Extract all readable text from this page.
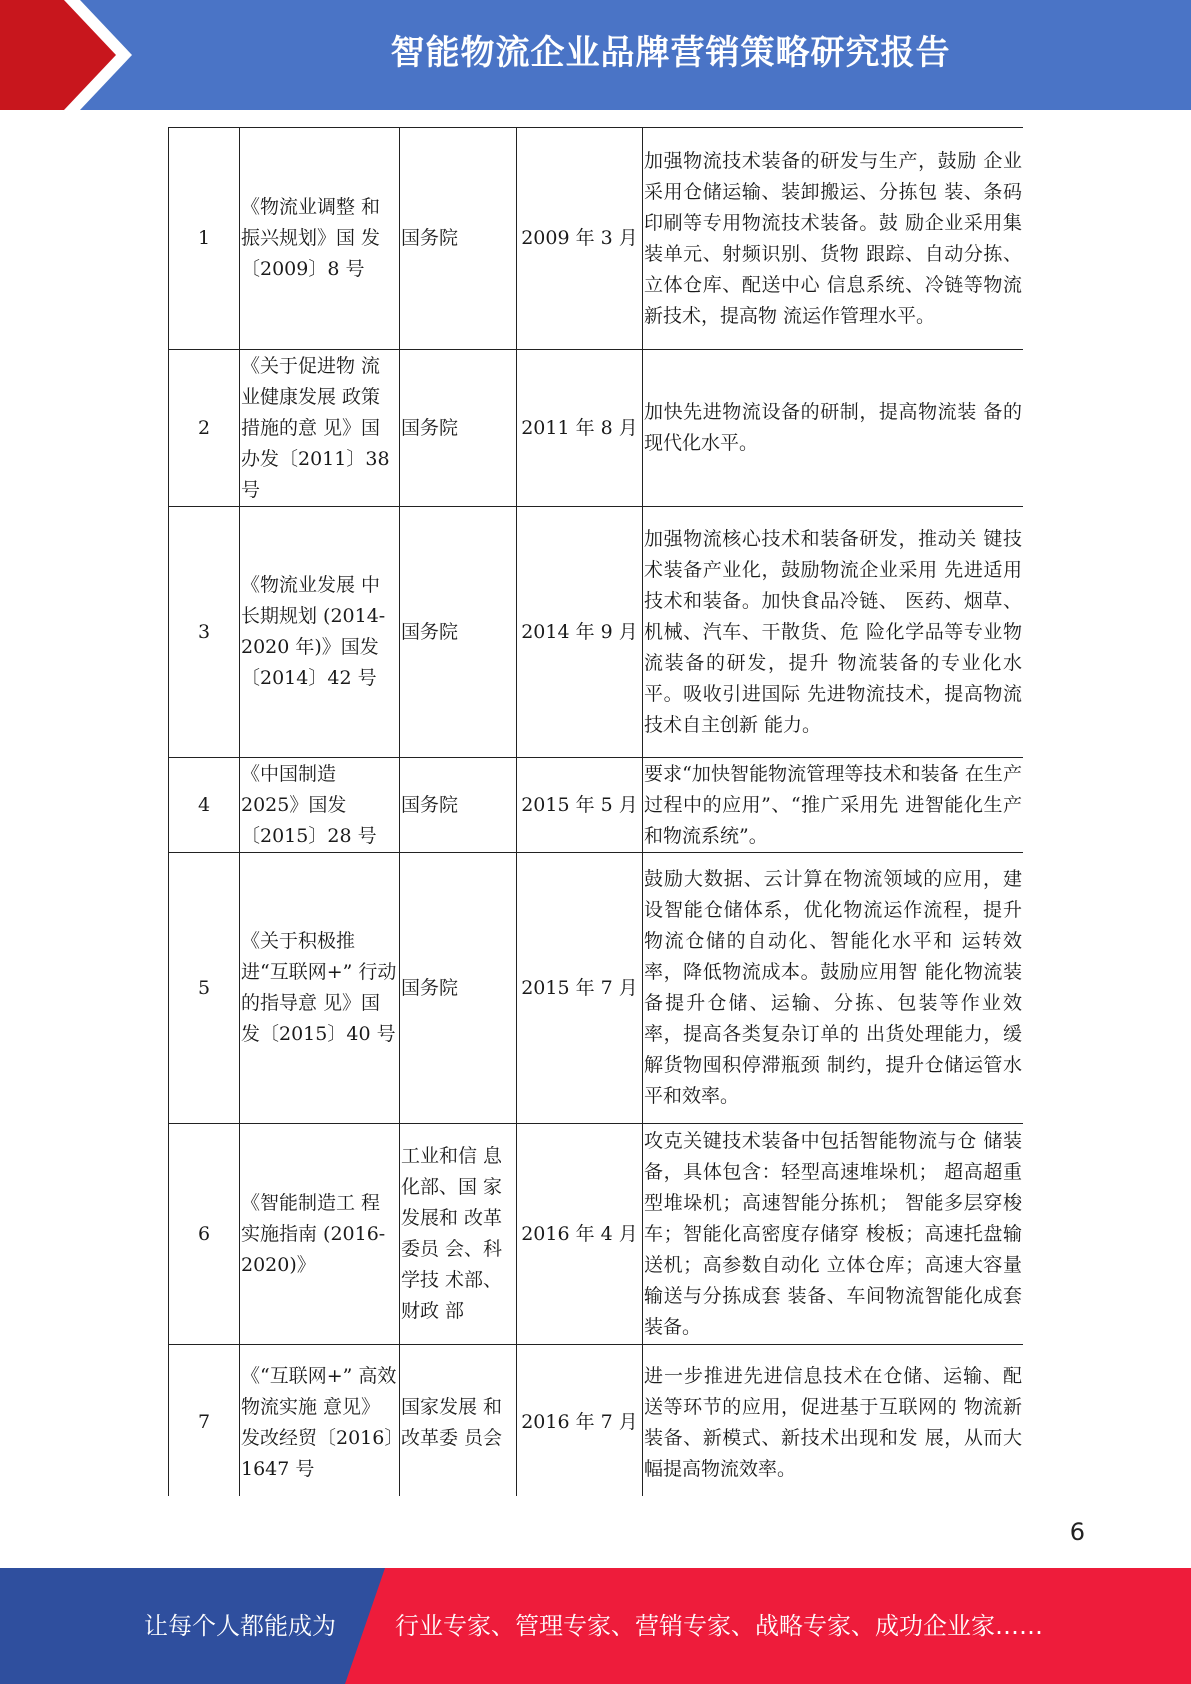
智能物流企业品牌营销策略研究报告
1	《物流业调整 和振兴规划》国 发〔2009〕8 号	国务院	2009 年 3 月	加强物流技术装备的研发与生产，鼓励 企业采用仓储运输、装卸搬运、分拣包 装、条码印刷等专用物流技术装备。鼓 励企业采用集装单元、射频识别、货物 跟踪、自动分拣、立体仓库、配送中心 信息系统、冷链等物流新技术，提高物 流运作管理水平。

2	《关于促进物 流业健康发展 政策措施的意 见》国办发〔2011〕38 号	国务院	2011 年 8 月	加快先进物流设备的研制，提高物流装 备的现代化水平。

3	《物流业发展 中长期规划 (2014-2020 年)》国发〔2014〕42 号	国务院	2014 年 9 月	加强物流核心技术和装备研发，推动关 键技术装备产业化，鼓励物流企业采用 先进适用技术和装备。加快食品冷链、 医药、烟草、机械、汽车、干散货、危 险化学品等专业物流装备的研发，提升 物流装备的专业化水平。吸收引进国际 先进物流技术，提高物流技术自主创新 能力。

4	《中国制造 2025》国发〔2015〕28 号	国务院	2015 年 5 月	要求“加快智能物流管理等技术和装备 在生产过程中的应用”、“推广采用先 进智能化生产和物流系统”。

5	《关于积极推 进“互联网+” 行动的指导意 见》国发〔2015〕40 号	国务院	2015 年 7 月	鼓励大数据、云计算在物流领域的应用，建设智能仓储体系，优化物流运作流程，提升物流仓储的自动化、智能化水平和 运转效率，降低物流成本。鼓励应用智 能化物流装备提升仓储、运输、分拣、包装等作业效率，提高各类复杂订单的 出货处理能力，缓解货物囤积停滞瓶颈 制约，提升仓储运管水平和效率。

6	《智能制造工 程实施指南 (2016-2020)》	工业和信 息化部、国 家发展和 改革委员 会、科学技 术部、财政 部	2016 年 4 月	攻克关键技术装备中包括智能物流与仓 储装备，具体包含：轻型高速堆垛机； 超高超重型堆垛机；高速智能分拣机； 智能多层穿梭车；智能化高密度存储穿 梭板；高速托盘输送机；高参数自动化 立体仓库；高速大容量输送与分拣成套 装备、车间物流智能化成套装备。

7	《“互联网+” 高效物流实施 意见》发改经贸〔2016〕1647 号	国家发展 和改革委 员会	2016 年 7 月	进一步推进先进信息技术在仓储、运输、配送等环节的应用，促进基于互联网的 物流新装备、新模式、新技术出现和发 展，从而大幅提高物流效率。
6
让每个人都能成为	行业专家、管理专家、营销专家、战略专家、成功企业家……
